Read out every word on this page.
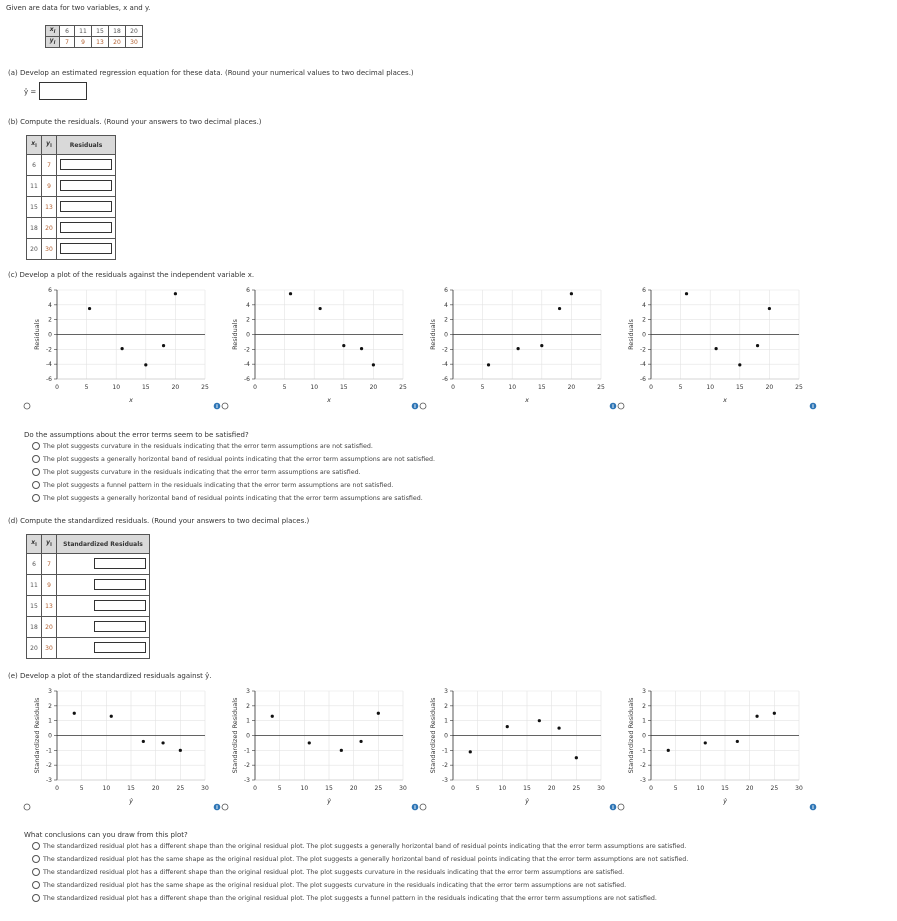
Given are data for two variables, x and y.
$x_i$	6	11	15	18	20
$y_i$	7	9	13	20	30
(a) Develop an estimated regression equation for these data. (Round your numerical values to two decimal places.)
ŷ =
(b) Compute the residuals. (Round your answers to two decimal places.)
$x_i$	$y_i$	Residuals
6	7	
11	9	
15	13	
18	20	
20	30	
(c) Develop a plot of the residuals against the independent variable x.
6
4
2
0
-2
-4
-6
0	5	10	15	20	25
x
Residuals
6
4
2
0
-2
-4
-6
0	5	10	15	20	25
x
Residuals
i
6
4
2
0
-2
-4
-6
0	5	10	15	20	25
x
Residuals
i
6
4
2
0
-2
-4
-6
0	5	10	15	20	25
x
Residuals
i	i
Do the assumptions about the error terms seem to be satisfied?
The plot suggests curvature in the residuals indicating that the error term assumptions are not satisfied.
The plot suggests a generally horizontal band of residual points indicating that the error term assumptions are not satisfied.
The plot suggests curvature in the residuals indicating that the error term assumptions are satisfied.
The plot suggests a funnel pattern in the residuals indicating that the error term assumptions are not satisfied.
The plot suggests a generally horizontal band of residual points indicating that the error term assumptions are satisfied.
(d) Compute the standardized residuals. (Round your answers to two decimal places.)
$x_i$	$y_i$	Standardized Residuals
6	7	
11	9	
15	13	
18	20	
20	30	
(e) Develop a plot of the standardized residuals against ŷ.
3
2
1
0
-1
-2
-3
0	5	10	15	20	25	30
ŷ
Standardized Residuals
3
2
1
0
-1
-2
-3
0	5	10	15	20	25	30
ŷ
Standardized Residuals
i
3
2
1
0
-1
-2
-3
0	5	10	15	20	25	30
ŷ
Standardized Residuals
i
3
2
1
0
-1
-2
-3
0	5	10	15	20	25	30
ŷ
Standardized Residuals
i	i
What conclusions can you draw from this plot?
The standardized residual plot has a different shape than the original residual plot. The plot suggests a generally horizontal band of residual points indicating that the error term assumptions are satisfied.
The standardized residual plot has the same shape as the original residual plot. The plot suggests a generally horizontal band of residual points indicating that the error term assumptions are not satisfied.
The standardized residual plot has a different shape than the original residual plot. The plot suggests curvature in the residuals indicating that the error term assumptions are satisfied.
The standardized residual plot has the same shape as the original residual plot. The plot suggests curvature in the residuals indicating that the error term assumptions are not satisfied.
The standardized residual plot has a different shape than the original residual plot. The plot suggests a funnel pattern in the residuals indicating that the error term assumptions are not satisfied.
